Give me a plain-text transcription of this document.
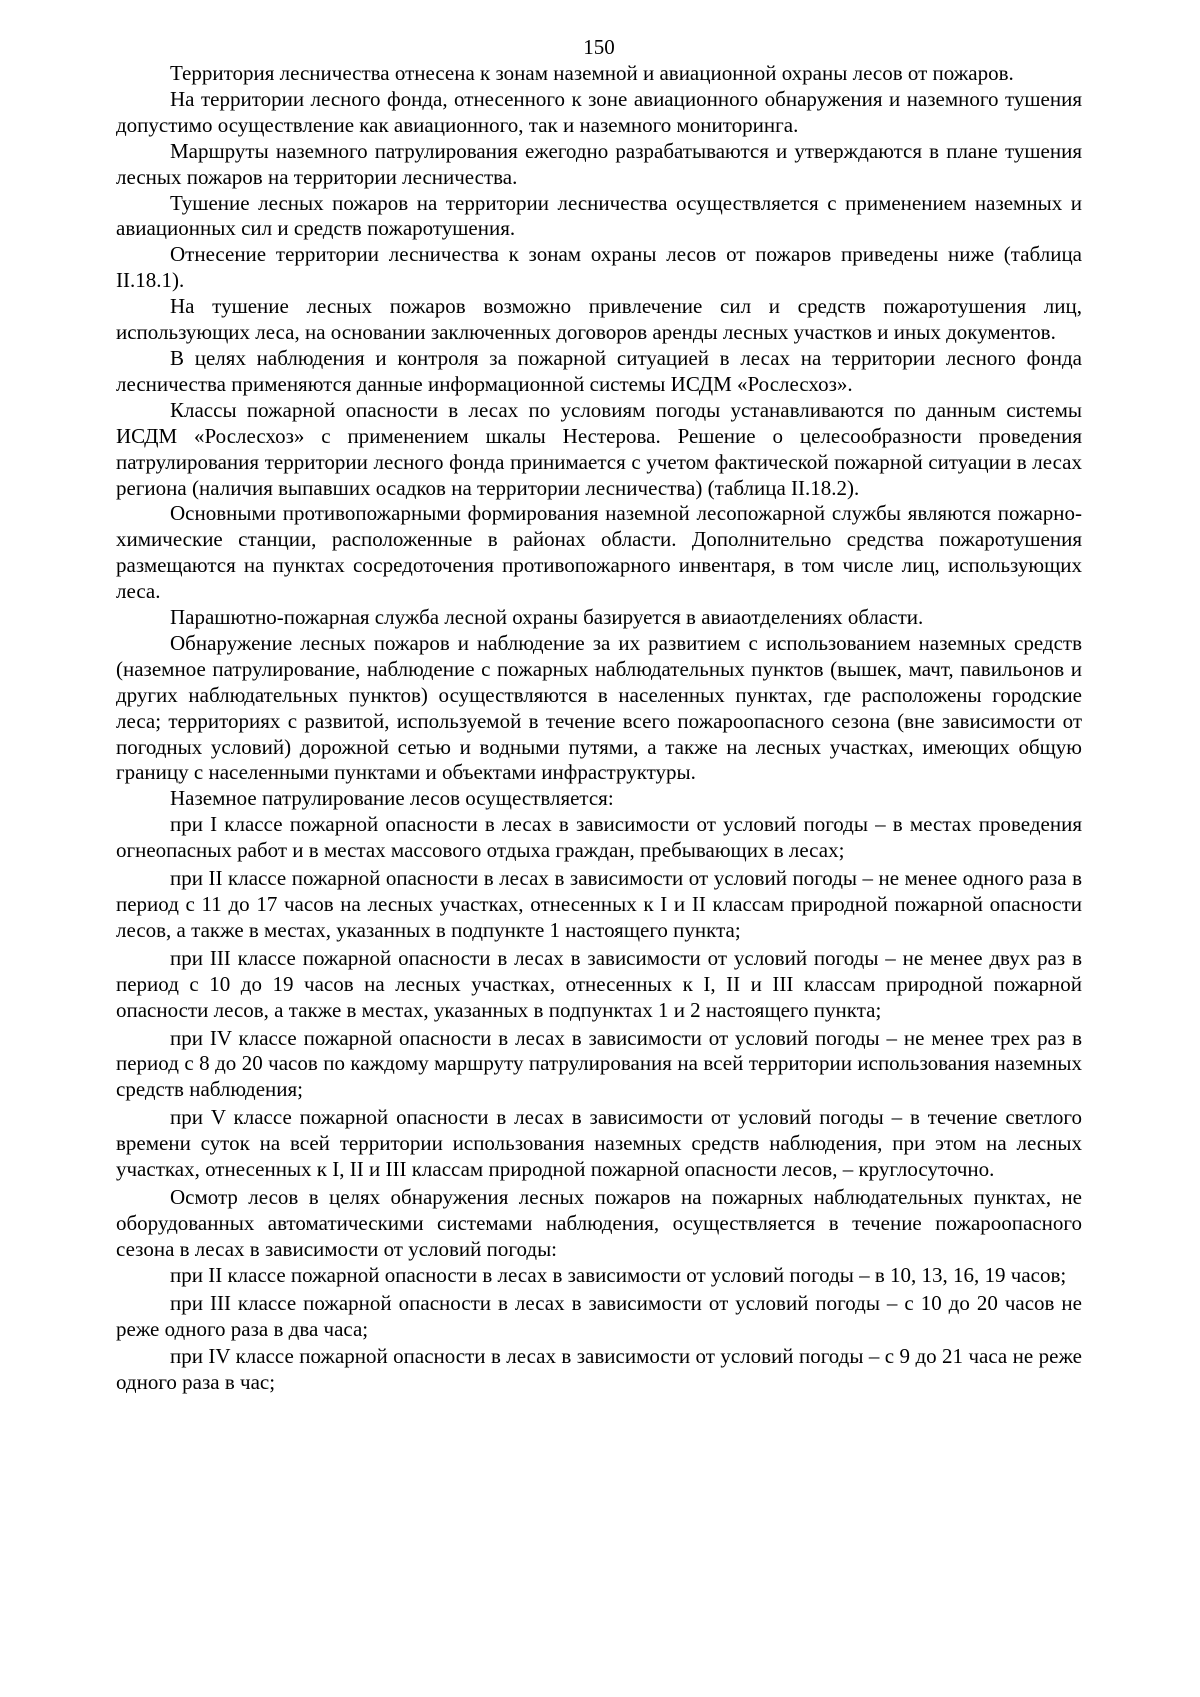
150

Территория лесничества отнесена к зонам наземной и авиационной охраны лесов от пожаров.

На территории лесного фонда, отнесенного к зоне авиационного обнаружения и наземного тушения допустимо осуществление как авиационного, так и наземного мониторинга.

Маршруты наземного патрулирования ежегодно разрабатываются и утверждаются в плане тушения лесных пожаров на территории лесничества.

Тушение лесных пожаров на территории лесничества осуществляется с применением наземных и авиационных сил и средств пожаротушения.

Отнесение территории лесничества к зонам охраны лесов от пожаров приведены ниже (таблица II.18.1).

На тушение лесных пожаров возможно привлечение сил и средств пожаротушения лиц, использующих леса, на основании заключенных договоров аренды лесных участков и иных документов.

В целях наблюдения и контроля за пожарной ситуацией в лесах на территории лесного фонда лесничества применяются данные информационной системы ИСДМ «Рослесхоз».

Классы пожарной опасности в лесах по условиям погоды устанавливаются по данным системы ИСДМ «Рослесхоз» с применением шкалы Нестерова. Решение о целесообразности проведения патрулирования территории лесного фонда принимается с учетом фактической пожарной ситуации в лесах региона (наличия выпавших осадков на территории лесничества) (таблица II.18.2).

Основными противопожарными формирования наземной лесопожарной службы являются пожарно-химические станции, расположенные в районах области. Дополнительно средства пожаротушения размещаются на пунктах сосредоточения противопожарного инвентаря, в том числе лиц, использующих леса.

Парашютно-пожарная служба лесной охраны базируется в авиаотделениях области.

Обнаружение лесных пожаров и наблюдение за их развитием с использованием наземных средств (наземное патрулирование, наблюдение с пожарных наблюдательных пунктов (вышек, мачт, павильонов и других наблюдательных пунктов) осуществляются в населенных пунктах, где расположены городские леса; территориях с развитой, используемой в течение всего пожароопасного сезона (вне зависимости от погодных условий) дорожной сетью и водными путями, а также на лесных участках, имеющих общую границу с населенными пунктами и объектами инфраструктуры.

Наземное патрулирование лесов осуществляется:

при I классе пожарной опасности в лесах в зависимости от условий погоды – в местах проведения огнеопасных работ и в местах массового отдыха граждан, пребывающих в лесах;

при II классе пожарной опасности в лесах в зависимости от условий погоды – не менее одного раза в период с 11 до 17 часов на лесных участках, отнесенных к I и II классам природной пожарной опасности лесов, а также в местах, указанных в подпункте 1 настоящего пункта;

при III классе пожарной опасности в лесах в зависимости от условий погоды – не менее двух раз в период с 10 до 19 часов на лесных участках, отнесенных к I, II и III классам природной пожарной опасности лесов, а также в местах, указанных в подпунктах 1 и 2 настоящего пункта;

при IV классе пожарной опасности в лесах в зависимости от условий погоды – не менее трех раз в период с 8 до 20 часов по каждому маршруту патрулирования на всей территории использования наземных средств наблюдения;

при V классе пожарной опасности в лесах в зависимости от условий погоды – в течение светлого времени суток на всей территории использования наземных средств наблюдения, при этом на лесных участках, отнесенных к I, II и III классам природной пожарной опасности лесов, – круглосуточно.

Осмотр лесов в целях обнаружения лесных пожаров на пожарных наблюдательных пунктах, не оборудованных автоматическими системами наблюдения, осуществляется в течение пожароопасного сезона в лесах в зависимости от условий погоды:

при II классе пожарной опасности в лесах в зависимости от условий погоды – в 10, 13, 16, 19 часов;

при III классе пожарной опасности в лесах в зависимости от условий погоды – с 10 до 20 часов не реже одного раза в два часа;

при IV классе пожарной опасности в лесах в зависимости от условий погоды – с 9 до 21 часа не реже одного раза в час;
